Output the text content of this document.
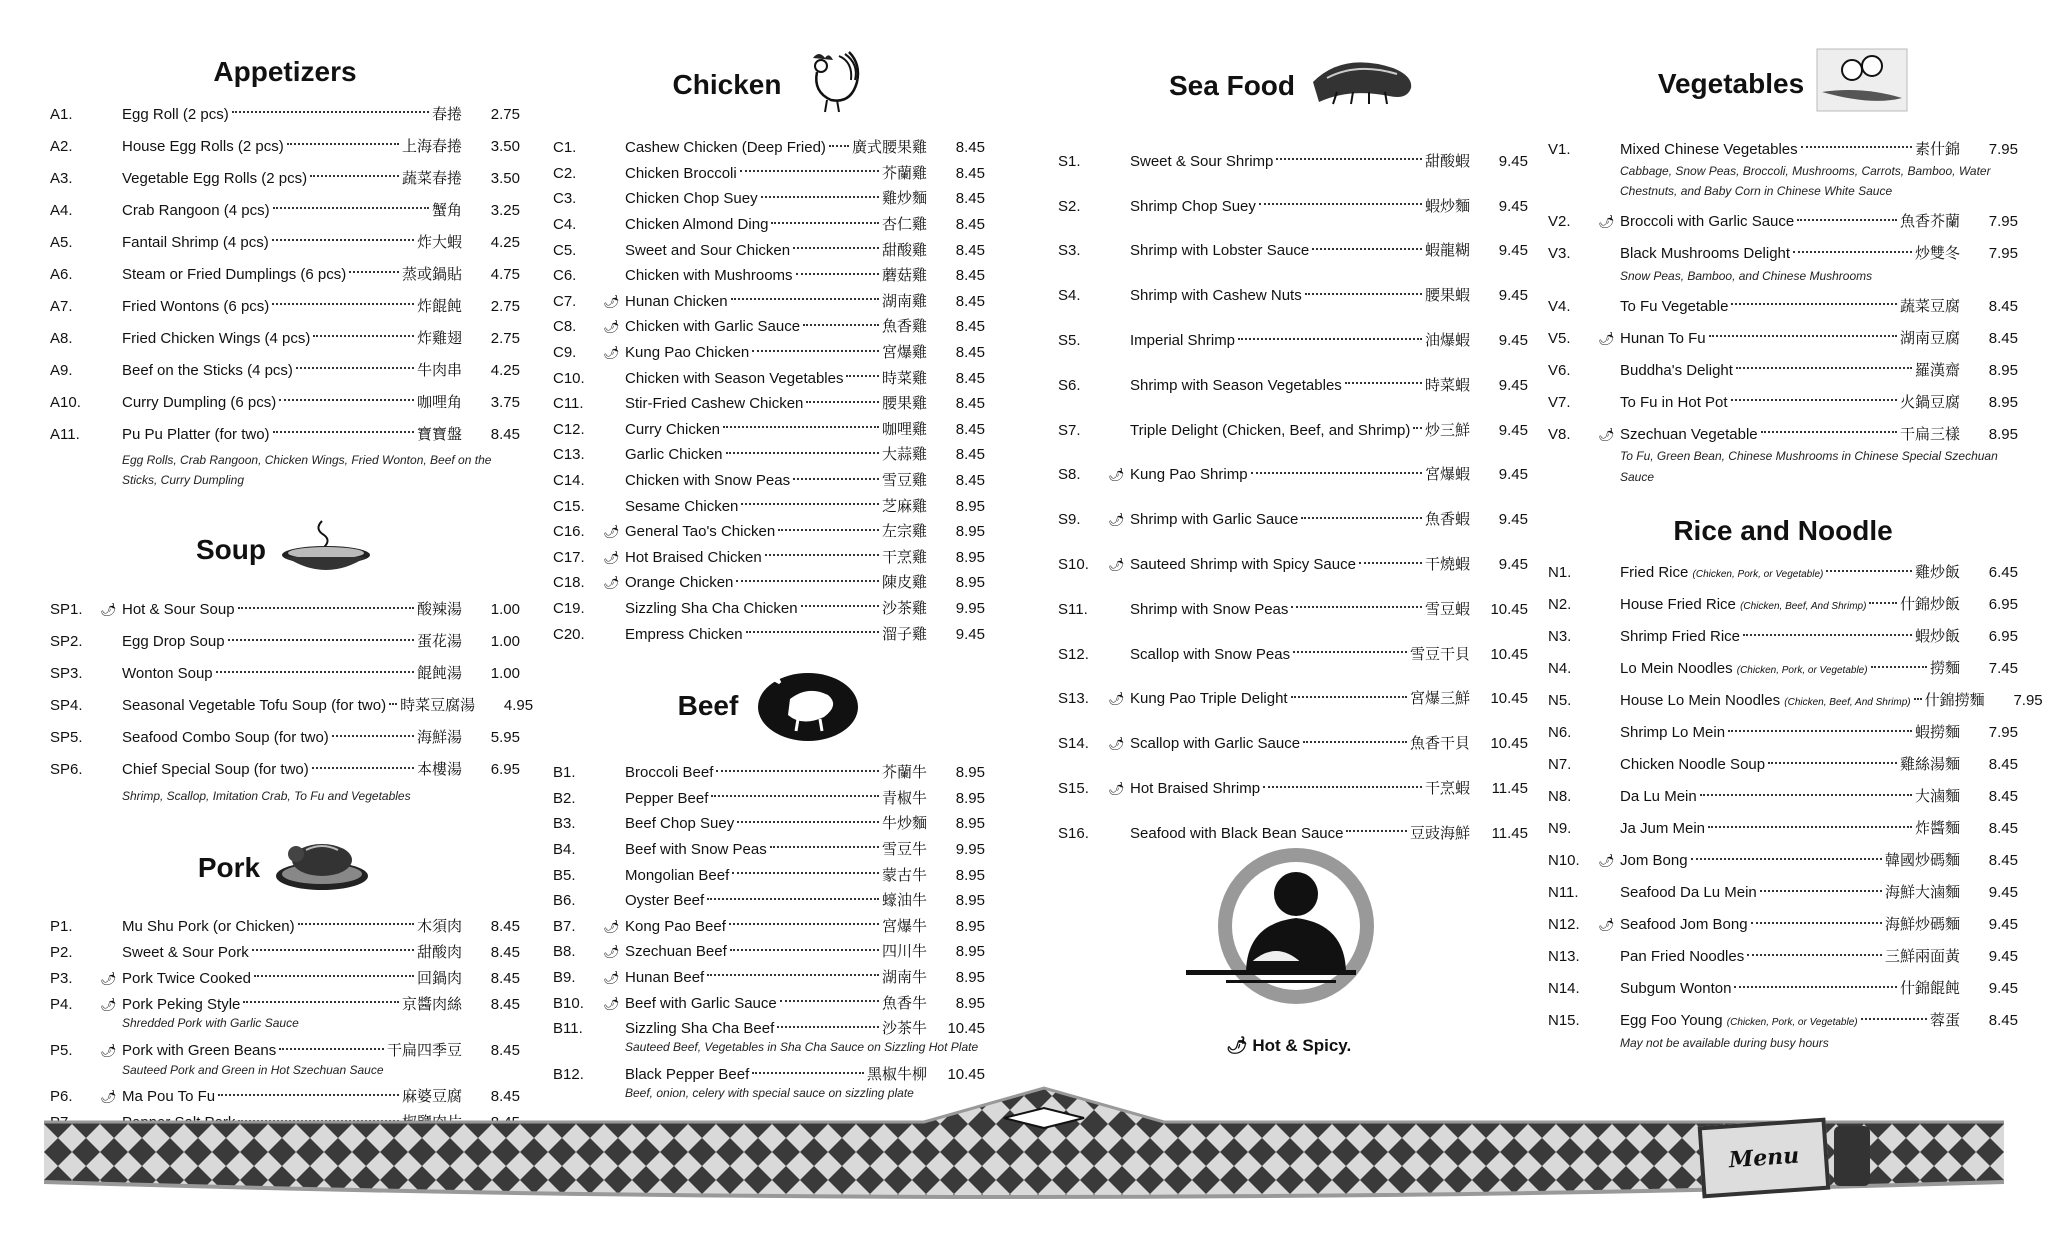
Appetizers
A1.	Egg Roll (2 pcs)	春捲	2.75
A2.	House Egg Rolls (2 pcs)	上海春捲	3.50
A3.	Vegetable Egg Rolls (2 pcs)	蔬菜春捲	3.50
A4.	Crab Rangoon (4 pcs)	蟹角	3.25
A5.	Fantail Shrimp (4 pcs)	炸大蝦	4.25
A6.	Steam or Fried Dumplings (6 pcs)	蒸或鍋貼	4.75
A7.	Fried Wontons (6 pcs)	炸餛飩	2.75
A8.	Fried Chicken Wings (4 pcs)	炸雞翅	2.75
A9.	Beef on the Sticks (4 pcs)	牛肉串	4.25
A10.	Curry Dumpling (6 pcs)	咖哩角	3.75
A11.	Pu Pu Platter (for two)	寶寶盤	8.45
Egg Rolls, Crab Rangoon, Chicken Wings, Fried Wonton, Beef on the Sticks, Curry Dumpling
Soup
SP1.	🌶︎ Hot & Sour Soup	酸辣湯	1.00
SP2.	Egg Drop Soup	蛋花湯	1.00
SP3.	Wonton Soup	餛飩湯	1.00
SP4.	Seasonal Vegetable Tofu Soup (for two) 時菜豆腐湯	4.95
SP5.	Seafood Combo Soup (for two)	海鮮湯	5.95
SP6.	Chief Special Soup (for two)	本樓湯	6.95
Shrimp, Scallop, Imitation Crab, To Fu and Vegetables
Pork
P1.	Mu Shu Pork (or Chicken)	木須肉	8.45
P2.	Sweet & Sour Pork	甜酸肉	8.45
P3.	🌶︎ Pork Twice Cooked	回鍋肉	8.45
P4.	🌶︎ Pork Peking Style	京醬肉絲	8.45
Shredded Pork with Garlic Sauce
P5.	🌶︎ Pork with Green Beans	干扁四季豆	8.45
Sauteed Pork and Green in Hot Szechuan Sauce
P6.	🌶︎ Ma Pou To Fu	麻婆豆腐	8.45
Chicken
C1.	Cashew Chicken (Deep Fried) 廣式腰果雞	8.45
C2.	Chicken Broccoli	芥蘭雞	8.45
C3.	Chicken Chop Suey	雞炒麵	8.45
C4.	Chicken Almond Ding	杏仁雞	8.45
C5.	Sweet and Sour Chicken	甜酸雞	8.45
C6.	Chicken with Mushrooms	蘑菇雞	8.45
C7.	🌶︎ Hunan Chicken	湖南雞	8.45
C8.	🌶︎ Chicken with Garlic Sauce	魚香雞	8.45
C9.	🌶︎ Kung Pao Chicken	宮爆雞	8.45
C10.	Chicken with Season Vegetables	時菜雞	8.45
C11.	Stir-Fried Cashew Chicken	腰果雞	8.45
C12.	Curry Chicken	咖哩雞	8.45
C13.	Garlic Chicken	大蒜雞	8.45
C14.	Chicken with Snow Peas	雪豆雞	8.45
C15.	Sesame Chicken	芝麻雞	8.95
C16.	🌶︎ General Tao's Chicken	左宗雞	8.95
C17.	🌶︎ Hot Braised Chicken	干烹雞	8.95
C18.	🌶︎ Orange Chicken	陳皮雞	8.95
C19.	Sizzling Sha Cha Chicken	沙茶雞	9.95
C20.	Empress Chicken	溜子雞	9.45
Beef
B1.	Broccoli Beef	芥蘭牛	8.95
B2.	Pepper Beef	青椒牛	8.95
B3.	Beef Chop Suey	牛炒麵	8.95
B4.	Beef with Snow Peas	雪豆牛	9.95
B5.	Mongolian Beef	蒙古牛	8.95
B6.	Oyster Beef	蠔油牛	8.95
B7.	🌶︎ Kong Pao Beef	宮爆牛	8.95
B8.	🌶︎ Szechuan Beef	四川牛	8.95
B9.	🌶︎ Hunan Beef	湖南牛	8.95
B10.	🌶︎ Beef with Garlic Sauce	魚香牛	8.95
B11.	Sizzling Sha Cha Beef	沙茶牛	10.45
Sauteed Beef, Vegetables in Sha Cha Sauce on Sizzling Hot Plate
B12.	Black Pepper Beef	黑椒牛柳	10.45
Beef, onion, celery with special sauce on sizzling plate
Sea Food
S1.	Sweet & Sour Shrimp	甜酸蝦	9.45
S2.	Shrimp Chop Suey	蝦炒麵	9.45
S3.	Shrimp with Lobster Sauce	蝦龍糊	9.45
S4.	Shrimp with Cashew Nuts	腰果蝦	9.45
S5.	Imperial Shrimp	油爆蝦	9.45
S6.	Shrimp with Season Vegetables	時菜蝦	9.45
S7.	Triple Delight (Chicken, Beef, and Shrimp) 炒三鮮	9.45
S8.	🌶︎ Kung Pao Shrimp	宮爆蝦	9.45
S9.	🌶︎ Shrimp with Garlic Sauce	魚香蝦	9.45
S10.	🌶︎ Sauteed Shrimp with Spicy Sauce	干燒蝦	9.45
S11.	Shrimp with Snow Peas	雪豆蝦	10.45
S12.	Scallop with Snow Peas	雪豆干貝	10.45
S13.	🌶︎ Kung Pao Triple Delight	宮爆三鮮	10.45
S14.	🌶︎ Scallop with Garlic Sauce	魚香干貝	10.45
S15.	🌶︎ Hot Braised Shrimp	干烹蝦	11.45
S16.	Seafood with Black Bean Sauce	豆豉海鮮	11.45
🌶︎ Hot & Spicy.
Vegetables
V1.	Mixed Chinese Vegetables	素什錦	7.95
Cabbage, Snow Peas, Broccoli, Mushrooms, Carrots, Bamboo, Water Chestnuts, and Baby Corn in Chinese White Sauce
V2.	🌶︎ Broccoli with Garlic Sauce	魚香芥蘭	7.95
V3.	Black Mushrooms Delight	炒雙冬	7.95
Snow Peas, Bamboo, and Chinese Mushrooms
V4.	To Fu Vegetable	蔬菜豆腐	8.45
V5.	🌶︎ Hunan To Fu	湖南豆腐	8.45
V6.	Buddha's Delight	羅漢齋	8.95
V7.	To Fu in Hot Pot	火鍋豆腐	8.95
V8.	🌶︎ Szechuan Vegetable	干扁三樣	8.95
To Fu, Green Bean, Chinese Mushrooms in Chinese Special Szechuan Sauce
Rice and Noodle
N1.	Fried Rice (Chicken, Pork, or Vegetable)	雞炒飯	6.45
N2.	House Fried Rice (Chicken, Beef, And Shrimp) 什錦炒飯	6.95
N3.	Shrimp Fried Rice	蝦炒飯	6.95
N4.	Lo Mein Noodles (Chicken, Pork, or Vegetable)	撈麵	7.45
N5.	House Lo Mein Noodles (Chicken, Beef, And Shrimp) 什錦撈麵	7.95
N6.	Shrimp Lo Mein	蝦撈麵	7.95
N7.	Chicken Noodle Soup	雞絲湯麵	8.45
N8.	Da Lu Mein	大滷麵	8.45
N9.	Ja Jum Mein	炸醬麵	8.45
N10.	🌶︎ Jom Bong	韓國炒碼麵	8.45
N11.	Seafood Da Lu Mein	海鮮大滷麵	9.45
N12.	🌶︎ Seafood Jom Bong	海鮮炒碼麵	9.45
N13.	Pan Fried Noodles	三鮮兩面黃	9.45
N14.	Subgum Wonton	什錦餛飩	9.45
N15.	Egg Foo Young (Chicken, Pork, or Vegetable)	蓉蛋	8.45
May not be available during busy hours
Menu
